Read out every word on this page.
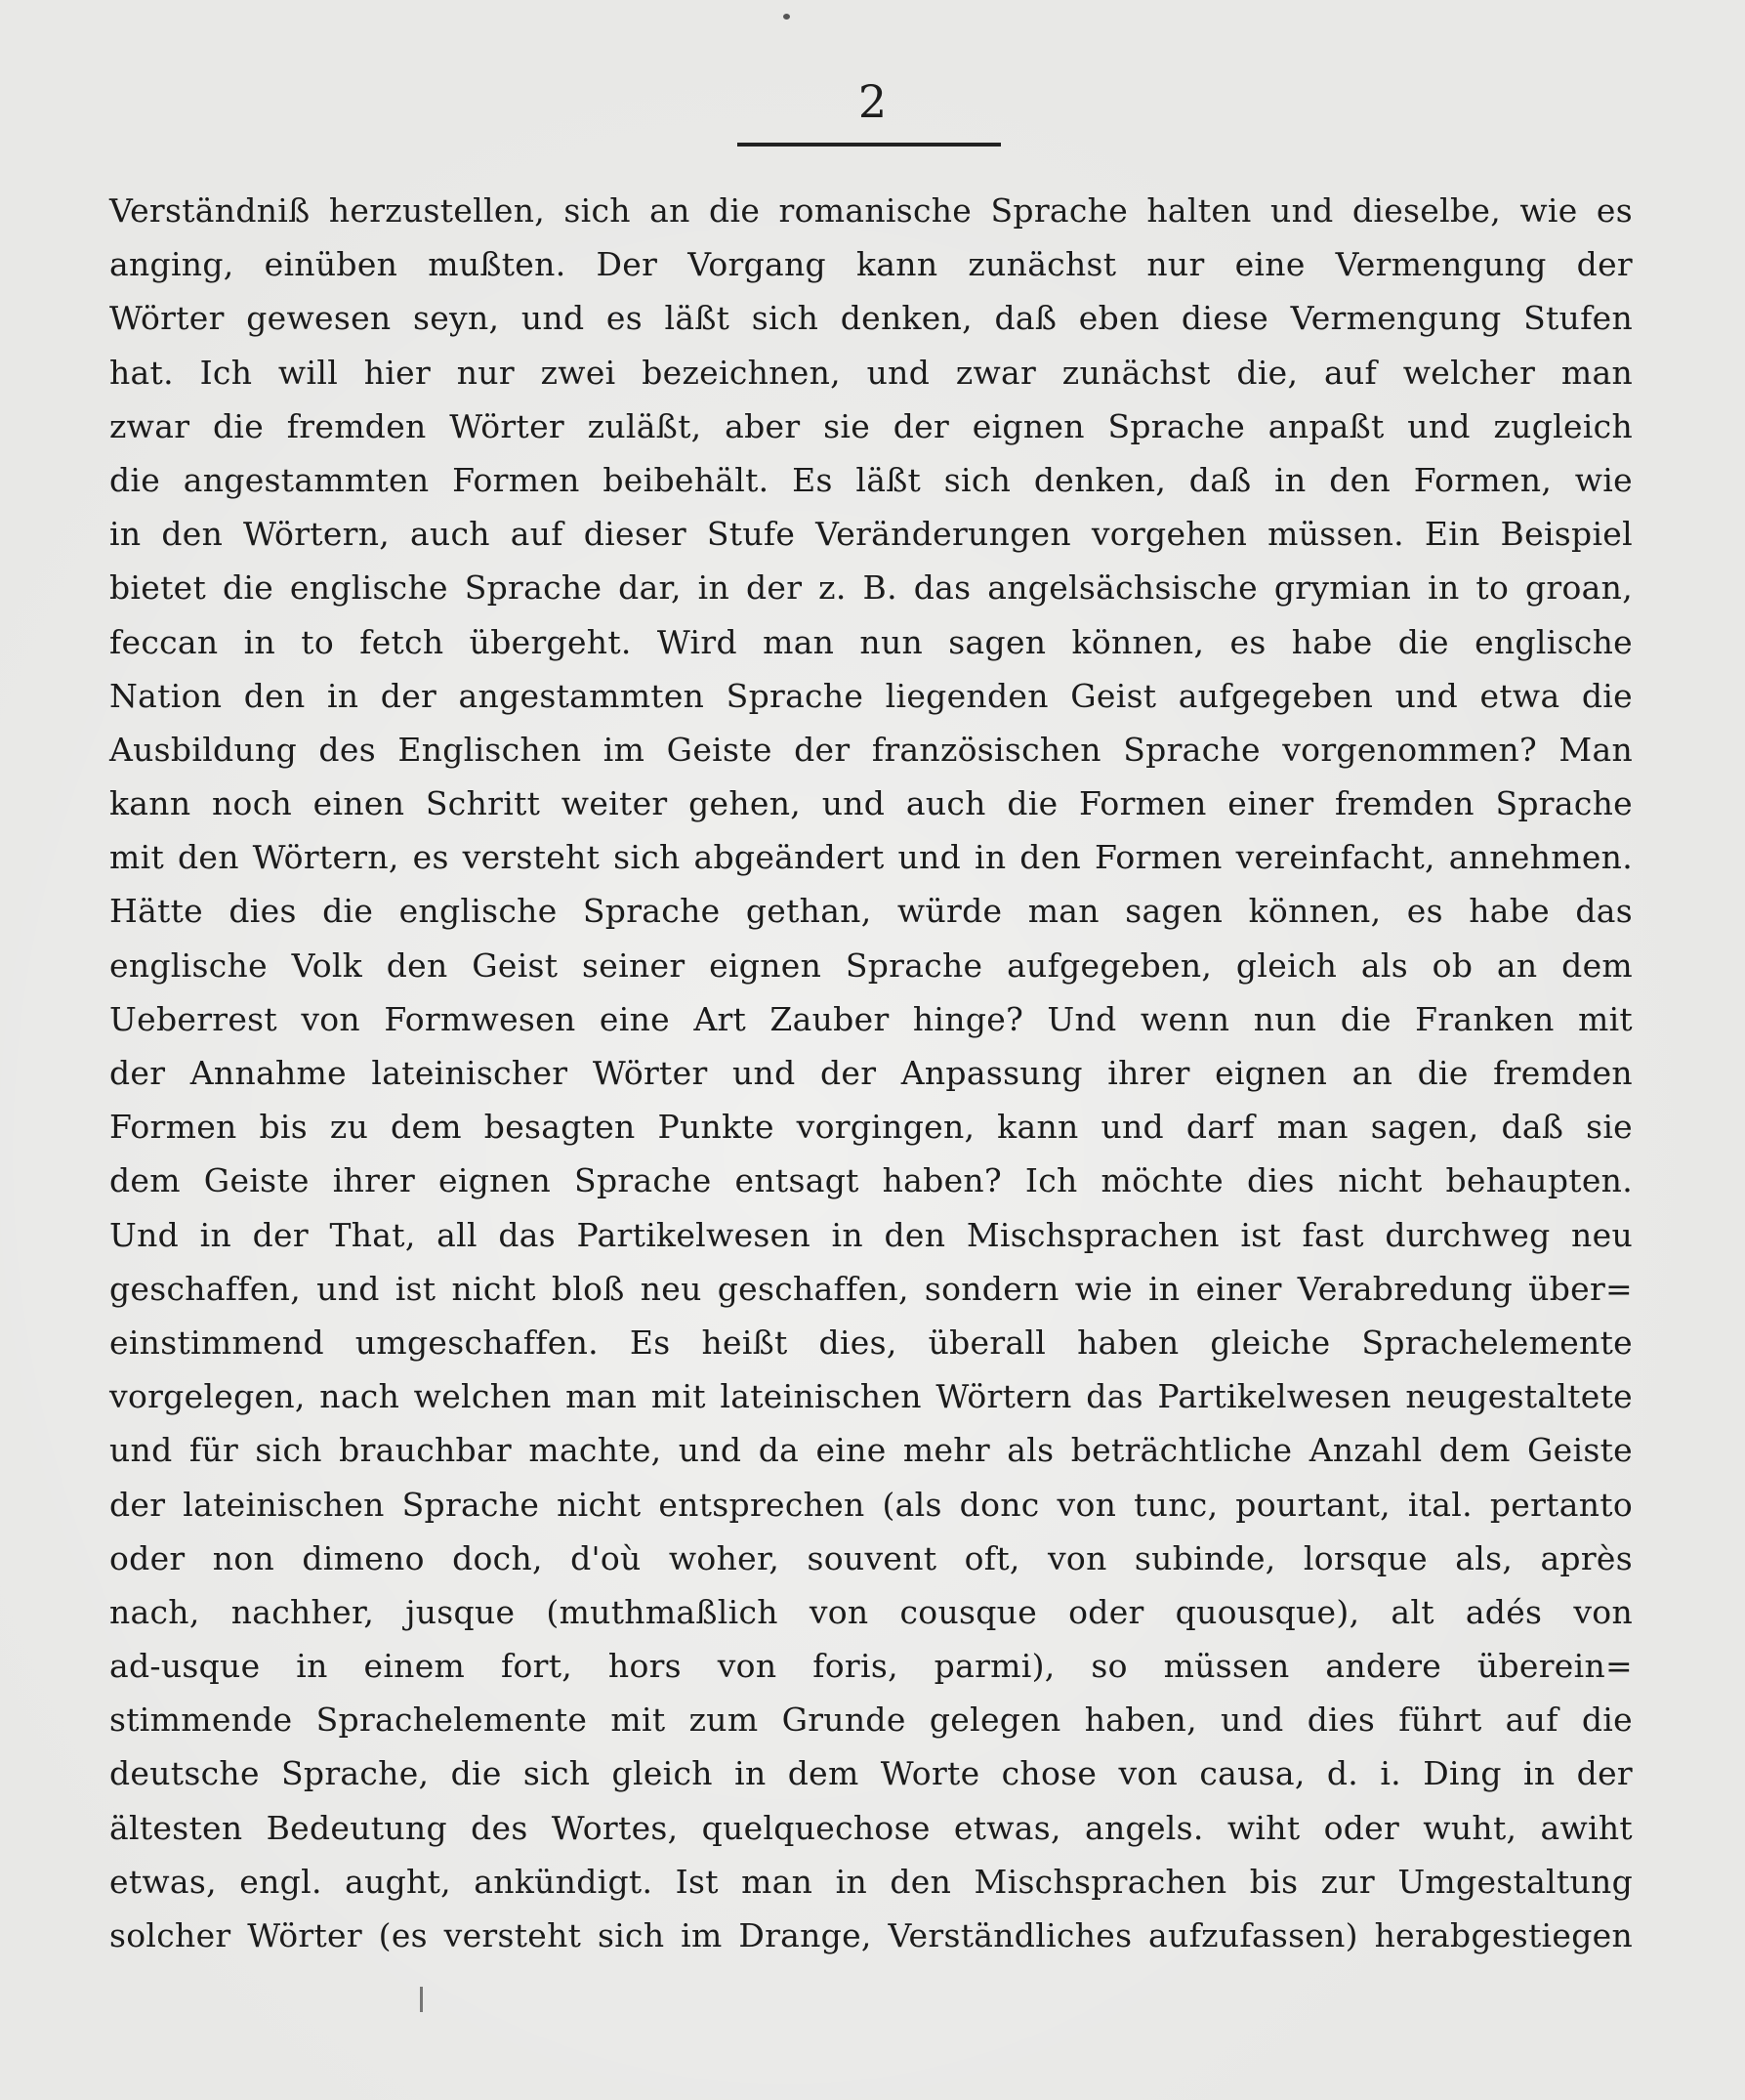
2
Verständniß herzustellen, sich an die romanische Sprache halten und dieselbe, wie es
anging, einüben mußten. Der Vorgang kann zunächst nur eine Vermengung der
Wörter gewesen seyn, und es läßt sich denken, daß eben diese Vermengung Stufen
hat. Ich will hier nur zwei bezeichnen, und zwar zunächst die, auf welcher man
zwar die fremden Wörter zuläßt, aber sie der eignen Sprache anpaßt und zugleich
die angestammten Formen beibehält. Es läßt sich denken, daß in den Formen, wie
in den Wörtern, auch auf dieser Stufe Veränderungen vorgehen müssen. Ein Beispiel
bietet die englische Sprache dar, in der z. B. das angelsächsische grymian in to groan,
feccan in to fetch übergeht. Wird man nun sagen können, es habe die englische
Nation den in der angestammten Sprache liegenden Geist aufgegeben und etwa die
Ausbildung des Englischen im Geiste der französischen Sprache vorgenommen? Man
kann noch einen Schritt weiter gehen, und auch die Formen einer fremden Sprache
mit den Wörtern, es versteht sich abgeändert und in den Formen vereinfacht, annehmen.
Hätte dies die englische Sprache gethan, würde man sagen können, es habe das
englische Volk den Geist seiner eignen Sprache aufgegeben, gleich als ob an dem
Ueberrest von Formwesen eine Art Zauber hinge? Und wenn nun die Franken mit
der Annahme lateinischer Wörter und der Anpassung ihrer eignen an die fremden
Formen bis zu dem besagten Punkte vorgingen, kann und darf man sagen, daß sie
dem Geiste ihrer eignen Sprache entsagt haben? Ich möchte dies nicht behaupten.
Und in der That, all das Partikelwesen in den Mischsprachen ist fast durchweg neu
geschaffen, und ist nicht bloß neu geschaffen, sondern wie in einer Verabredung über=
einstimmend umgeschaffen. Es heißt dies, überall haben gleiche Sprachelemente
vorgelegen, nach welchen man mit lateinischen Wörtern das Partikelwesen neugestaltete
und für sich brauchbar machte, und da eine mehr als beträchtliche Anzahl dem Geiste
der lateinischen Sprache nicht entsprechen (als donc von tunc, pourtant, ital. pertanto
oder non dimeno doch, d'où woher, souvent oft, von subinde, lorsque als, après
nach, nachher, jusque (muthmaßlich von cousque oder quousque), alt adés von
ad-usque in einem fort, hors von foris, parmi), so müssen andere überein=
stimmende Sprachelemente mit zum Grunde gelegen haben, und dies führt auf die
deutsche Sprache, die sich gleich in dem Worte chose von causa, d. i. Ding in der
ältesten Bedeutung des Wortes, quelquechose etwas, angels. wiht oder wuht, awiht
etwas, engl. aught, ankündigt. Ist man in den Mischsprachen bis zur Umgestaltung
solcher Wörter (es versteht sich im Drange, Verständliches aufzufassen) herabgestiegen
